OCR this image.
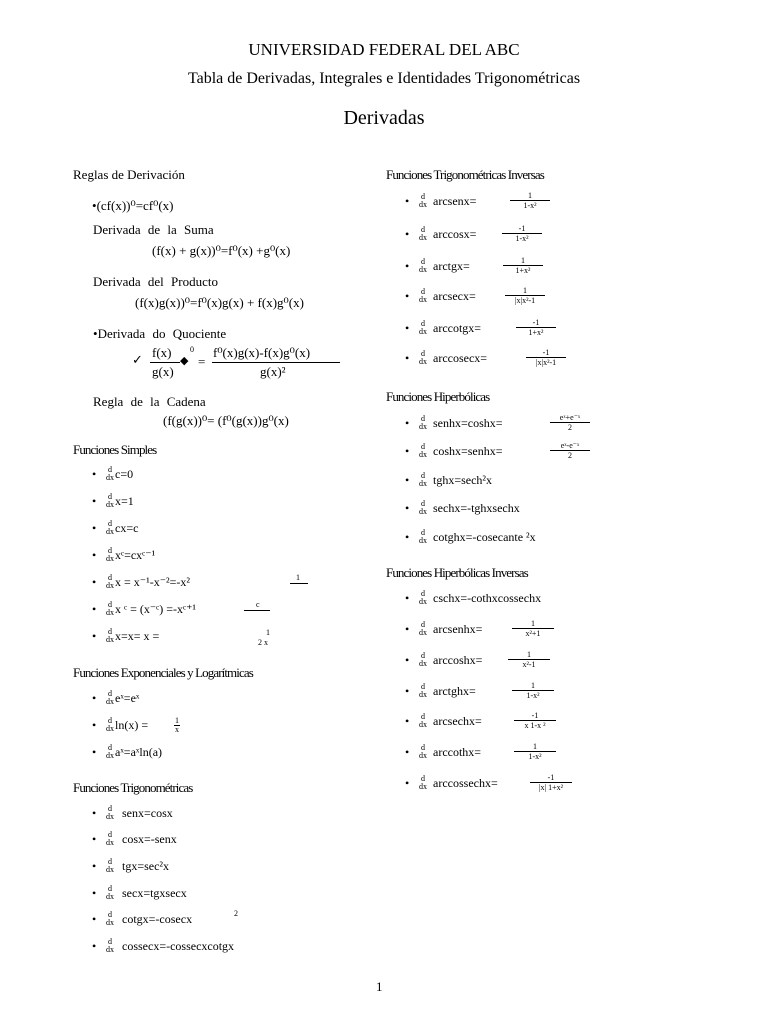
UNIVERSIDAD FEDERAL DEL ABC
Tabla de Derivadas, Integrales e Identidades Trigonométricas
Derivadas
Reglas de Derivación
•(cf(x))⁰=cf⁰(x)
Derivada de la Suma
(f(x) + g(x))⁰=f⁰(x) +g⁰(x)
Derivada del Producto
(f(x)g(x))⁰=f⁰(x)g(x) + f(x)g⁰(x)
•Derivada do Quociente
✓ f(x)
g(x)
◆
0
=
f⁰(x)g(x)-f(x)g⁰(x)
g(x)²
Regla de la Cadena
(f(g(x))⁰= (f⁰(g(x))g⁰(x)
Funciones Simples
• d
dx c=0
• d
dx x=1
• d
dx cx=c
• d
dx xᶜ=cxᶜ⁻¹
• d
dx x = x⁻¹-x⁻²=-x²
• d
dx x ᶜ = (x⁻ᶜ) =-xᶜ⁺¹
• d
dx x=x= x =
1
c
1
2 x
Funciones Exponenciales y Logarítmicas
• d
dx eˣ=eˣ
• d
dx ln(x) =
• d
dx aˣ=aˣln(a)
$\frac{1}{x}$
Funciones Trigonométricas
• d
dx senx=cosx
• d
dx cosx=-senx
• d
dx tgx=sec²x
• d
dx secx=tgxsecx
• d
dx cotgx=-cosecx
• d
dx cossecx=-cossecxcotgx
2
Funciones Trigonométricas Inversas
• d
dx arcsenx=	$\frac{1}{\text{1-x²}}$
• d
dx arccosx=	$\frac{-1}{\text{1-x²}}$
• d
dx arctgx=	$\frac{1}{\text{1+x²}}$
• d
dx arcsecx=	$\frac{1}{\text{|x|x²-1}}$
• d
dx arccotgx=	$\frac{-1}{\text{1+x²}}$
• d
dx arccosecx=	$\frac{-1}{\text{|x|x²-1}}$
Funciones Hiperbólicas
• d
dx senhx=coshx=	$\frac{\text{eˣ+e⁻ˣ}}{2}$
• d
dx coshx=senhx=	$\frac{\text{eˣ-e⁻ˣ}}{2}$
• d
dx tghx=sech²x
• d
dx sechx=-tghxsechx
• d
dx cotghx=-cosecante ²x
Funciones Hiperbólicas Inversas
• d
dx cschx=-cothxcossechx
• d
dx arcsenhx=	$\frac{1}{\text{x²+1}}$
• d
dx arccoshx=	$\frac{1}{\text{x²-1}}$
• d
dx arctghx=	$\frac{1}{\text{1-x²}}$
• d
dx arcsechx=	$\frac{-1}{\text{x 1-x ²}}$
• d
dx arccothx=	$\frac{1}{\text{1-x²}}$
• d
dx arccossechx=	$\frac{-1}{\text{|x| 1+x²}}$
1
